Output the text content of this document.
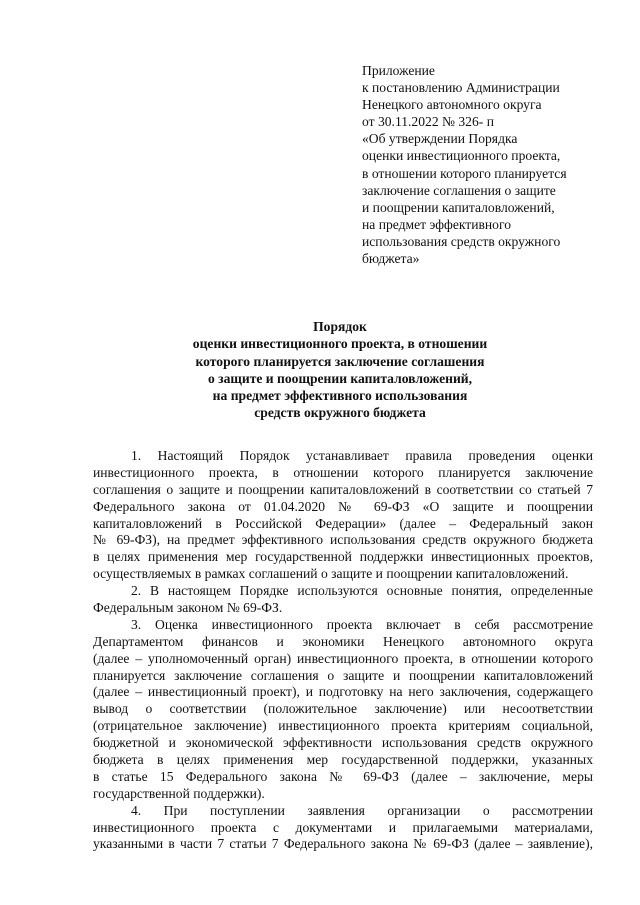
Приложение
к постановлению Администрации
Ненецкого автономного округа
от 30.11.2022 № 326- п
«Об утверждении Порядка
оценки инвестиционного проекта,
в отношении которого планируется
заключение соглашения о защите
и поощрении капиталовложений,
на предмет эффективного
использования средств окружного
бюджета»
Порядок
оценки инвестиционного проекта, в отношении
которого планируется заключение соглашения
о защите и поощрении капиталовложений,
на предмет эффективного использования
средств окружного бюджета
1. Настоящий Порядок устанавливает правила проведения оценки
инвестиционного проекта, в отношении которого планируется заключение
соглашения о защите и поощрении капиталовложений в соответствии со статьей 7
Федерального закона от 01.04.2020 № 69-ФЗ «О защите и поощрении
капиталовложений в Российской Федерации» (далее – Федеральный закон
№ 69-ФЗ), на предмет эффективного использования средств окружного бюджета
в целях применения мер государственной поддержки инвестиционных проектов,
осуществляемых в рамках соглашений о защите и поощрении капиталовложений.
2. В настоящем Порядке используются основные понятия, определенные
Федеральным законом № 69-ФЗ.
3. Оценка инвестиционного проекта включает в себя рассмотрение
Департаментом финансов и экономики Ненецкого автономного округа
(далее – уполномоченный орган) инвестиционного проекта, в отношении которого
планируется заключение соглашения о защите и поощрении капиталовложений
(далее – инвестиционный проект), и подготовку на него заключения, содержащего
вывод о соответствии (положительное заключение) или несоответствии
(отрицательное заключение) инвестиционного проекта критериям социальной,
бюджетной и экономической эффективности использования средств окружного
бюджета в целях применения мер государственной поддержки, указанных
в статье 15 Федерального закона № 69-ФЗ (далее – заключение, меры
государственной поддержки).
4. При поступлении заявления организации о рассмотрении
инвестиционного проекта с документами и прилагаемыми материалами,
указанными в части 7 статьи 7 Федерального закона № 69-ФЗ (далее – заявление),
